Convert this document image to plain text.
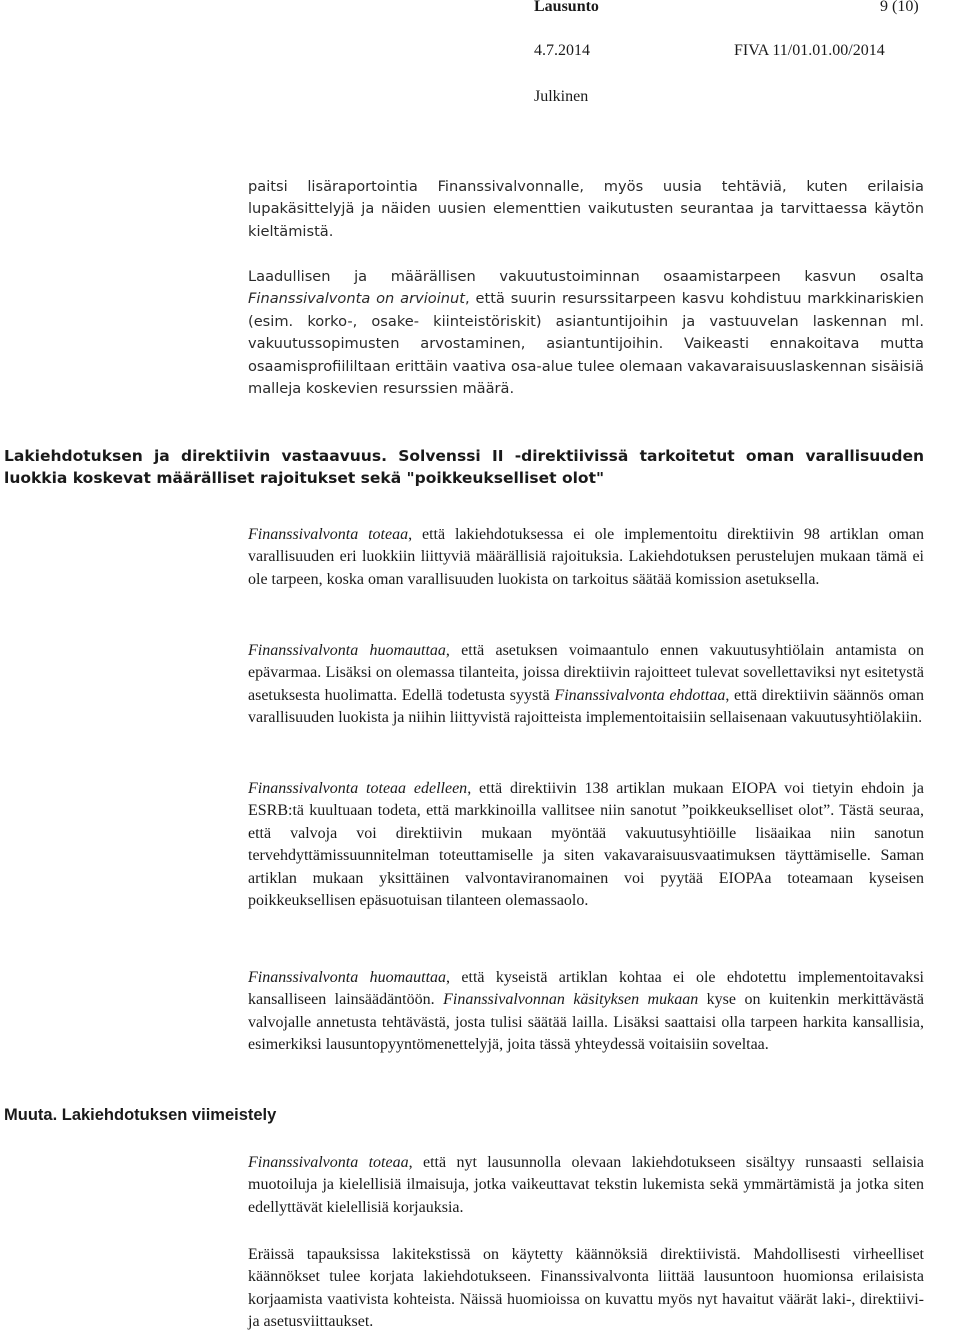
Lausunto	9 (10)
4.7.2014	FIVA 11/01.01.00/2014
Julkinen

paitsi lisäraportointia Finanssivalvonnalle, myös uusia tehtäviä, kuten erilaisia lupakäsittelyjä ja näiden uusien elementtien vaikutusten seurantaa ja tarvittaessa käytön kieltämistä.

Laadullisen ja määrällisen vakuutustoiminnan osaamistarpeen kasvun osalta Finanssivalvonta on arvioinut, että suurin resurssitarpeen kasvu kohdistuu markkinariskien (esim. korko-, osake- kiinteistöriskit) asiantuntijoihin ja vastuuvelan laskennan ml. vakuutussopimusten arvostaminen, asiantuntijoihin. Vaikeasti ennakoitava mutta osaamisprofiililtaan erittäin vaativa osa-alue tulee olemaan vakavaraisuuslaskennan sisäisiä malleja koskevien resurssien määrä.

Lakiehdotuksen ja direktiivin vastaavuus. Solvenssi II -direktiivissä tarkoitetut oman varallisuuden luokkia koskevat määrälliset rajoitukset sekä "poikkeukselliset olot"

Finanssivalvonta toteaa, että lakiehdotuksessa ei ole implementoitu direktiivin 98 artiklan oman varallisuuden eri luokkiin liittyviä määrällisiä rajoituksia. Lakiehdotuksen perustelujen mukaan tämä ei ole tarpeen, koska oman varallisuuden luokista on tarkoitus säätää komission asetuksella.

Finanssivalvonta huomauttaa, että asetuksen voimaantulo ennen vakuutusyhtiölain antamista on epävarmaa. Lisäksi on olemassa tilanteita, joissa direktiivin rajoitteet tulevat sovellettaviksi nyt esitetystä asetuksesta huolimatta. Edellä todetusta syystä Finanssivalvonta ehdottaa, että direktiivin säännös oman varallisuuden luokista ja niihin liittyvistä rajoitteista implementoitaisiin sellaisenaan vakuutusyhtiölakiin.

Finanssivalvonta toteaa edelleen, että direktiivin 138 artiklan mukaan EIOPA voi tietyin ehdoin ja ESRB:tä kuultuaan todeta, että markkinoilla vallitsee niin sanotut ”poikkeukselliset olot”. Tästä seuraa, että valvoja voi direktiivin mukaan myöntää vakuutusyhtiöille lisäaikaa niin sanotun tervehdyttämissuunnitelman toteuttamiselle ja siten vakavaraisuusvaatimuksen täyttämiselle. Saman artiklan mukaan yksittäinen valvontaviranomainen voi pyytää EIOPAa toteamaan kyseisen poikkeuksellisen epäsuotuisan tilanteen olemassaolo.

Finanssivalvonta huomauttaa, että kyseistä artiklan kohtaa ei ole ehdotettu implementoitavaksi kansalliseen lainsäädäntöön. Finanssivalvonnan käsityksen mukaan kyse on kuitenkin merkittävästä valvojalle annetusta tehtävästä, josta tulisi säätää lailla. Lisäksi saattaisi olla tarpeen harkita kansallisia, esimerkiksi lausuntopyyntömenettelyjä, joita tässä yhteydessä voitaisiin soveltaa.

Muuta. Lakiehdotuksen viimeistely

Finanssivalvonta toteaa, että nyt lausunnolla olevaan lakiehdotukseen sisältyy runsaasti sellaisia muotoiluja ja kielellisiä ilmaisuja, jotka vaikeuttavat tekstin lukemista sekä ymmärtämistä ja jotka siten edellyttävät kielellisiä korjauksia.

Eräissä tapauksissa lakitekstissä on käytetty käännöksiä direktiivistä. Mahdollisesti virheelliset käännökset tulee korjata lakiehdotukseen. Finanssivalvonta liittää lausuntoon huomionsa erilaisista korjaamista vaativista kohteista. Näissä huomioissa on kuvattu myös nyt havaitut väärät laki-, direktiivi- ja asetusviittaukset.
